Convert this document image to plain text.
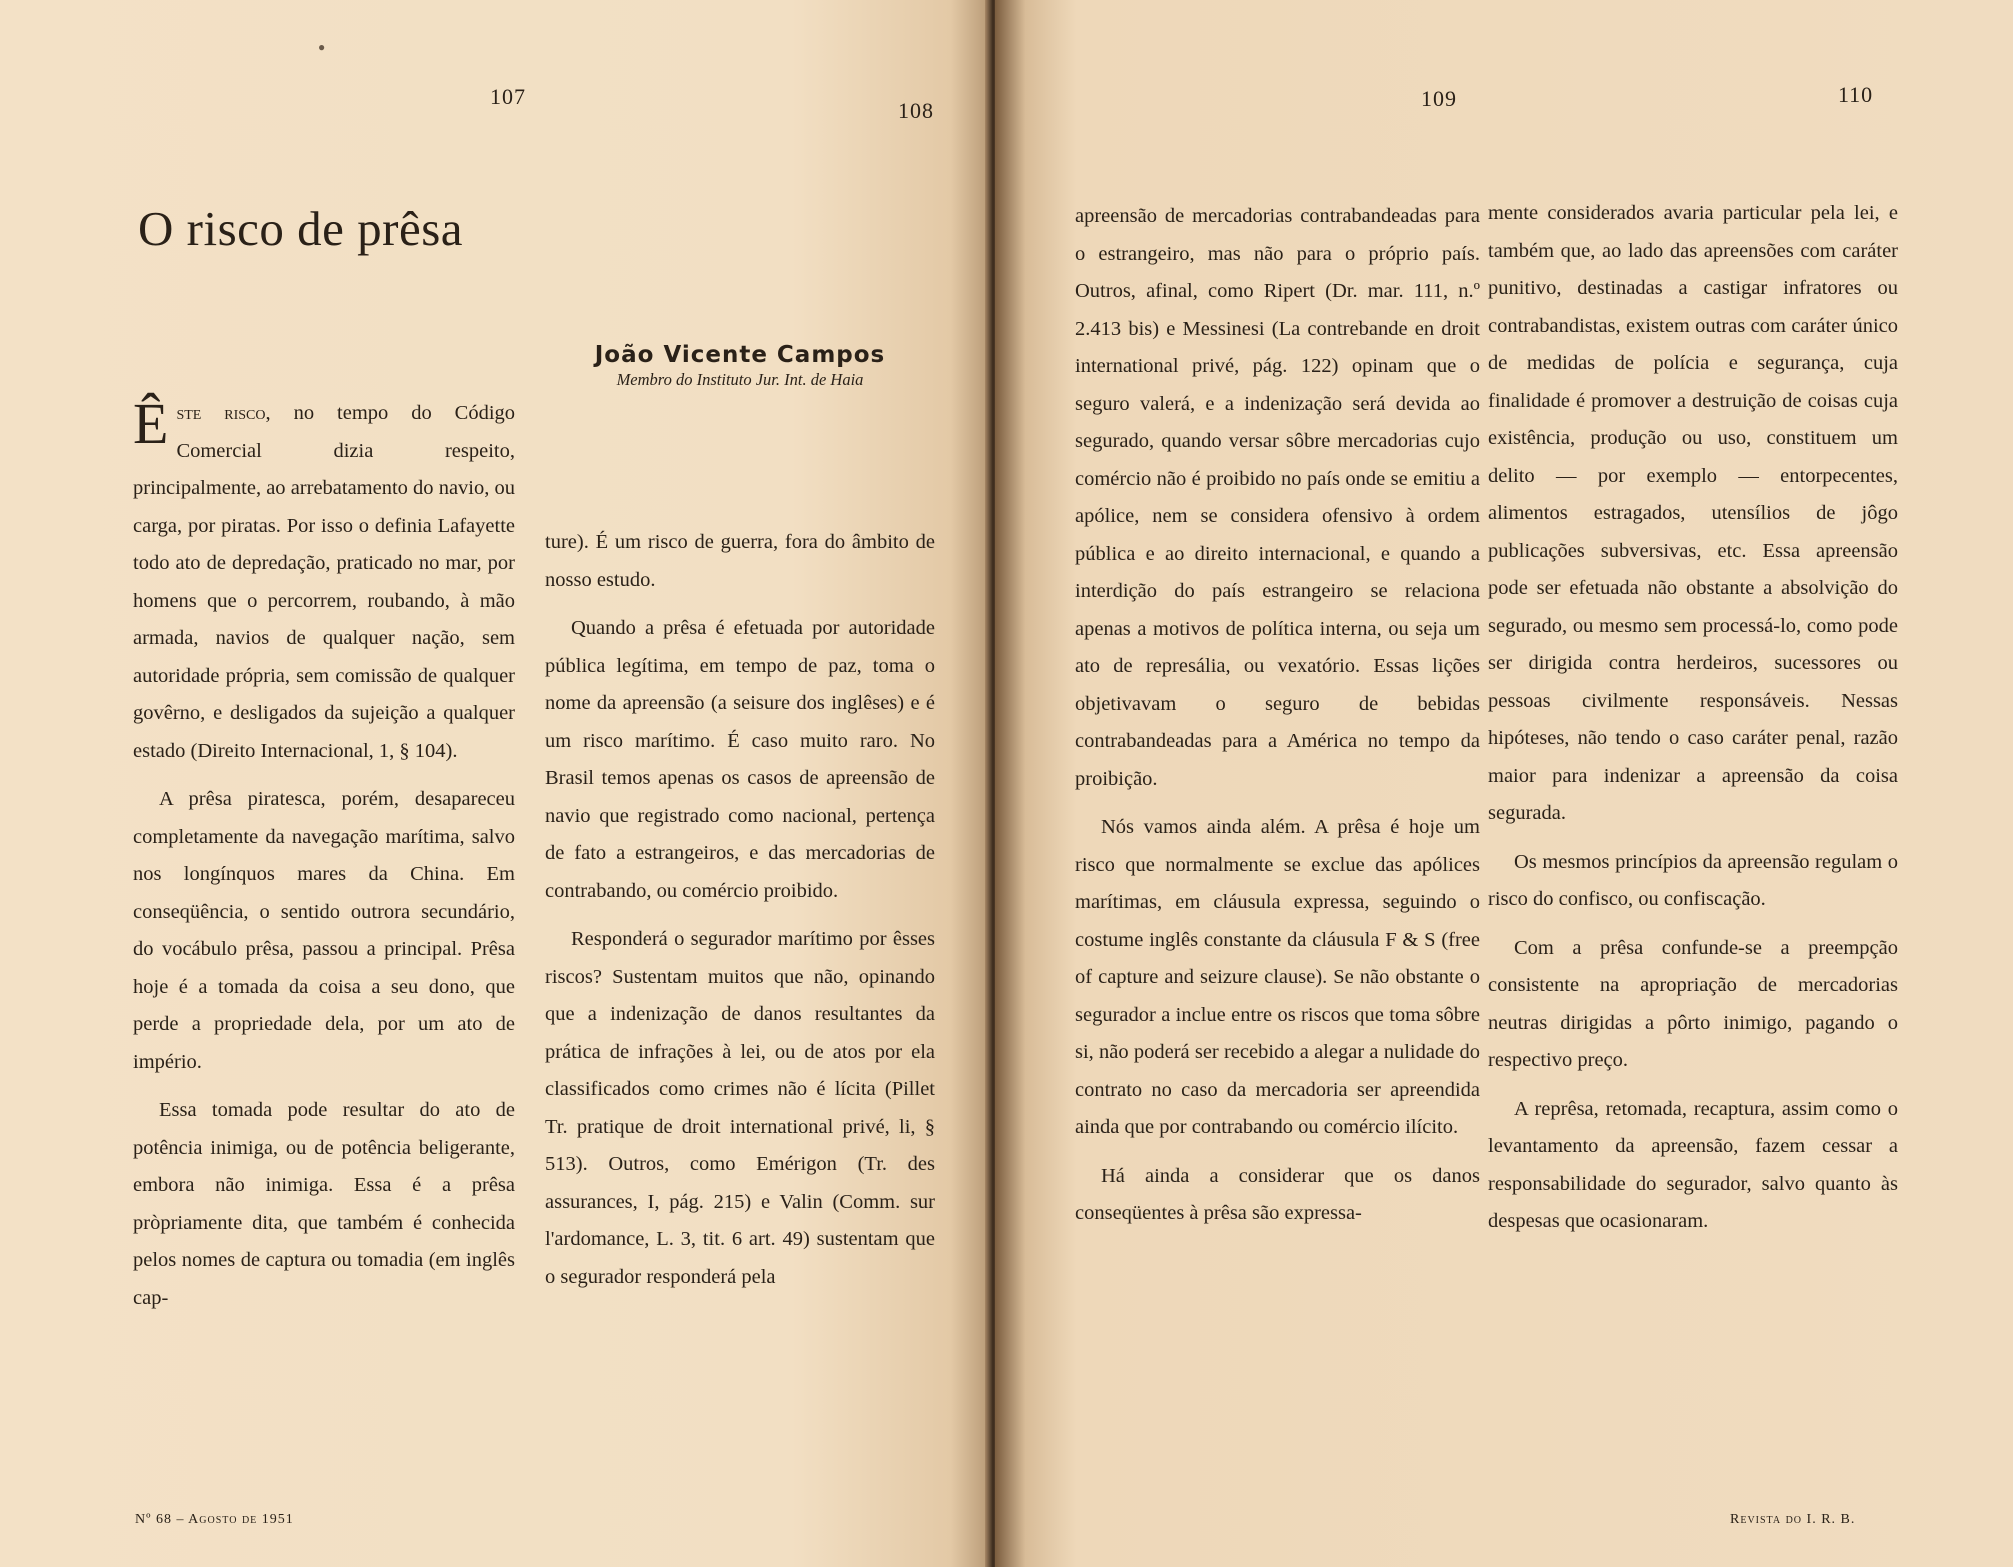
●
107
108
O risco de prêsa
João Vicente Campos
Membro do Instituto Jur. Int. de Haia

Êste risco, no tempo do Código Comercial dizia respeito, principalmente, ao arrebatamento do navio, ou carga, por piratas. Por isso o definia Lafayette todo ato de depredação, praticado no mar, por homens que o percorrem, roubando, à mão armada, navios de qualquer nação, sem autoridade própria, sem comissão de qualquer govêrno, e desligados da sujeição a qualquer estado (Direito Internacional, 1, § 104).

A prêsa piratesca, porém, desapareceu completamente da navegação marítima, salvo nos longínquos mares da China. Em conseqüência, o sentido outrora secundário, do vocábulo prêsa, passou a principal. Prêsa hoje é a tomada da coisa a seu dono, que perde a propriedade dela, por um ato de império.

Essa tomada pode resultar do ato de potência inimiga, ou de potência beligerante, embora não inimiga. Essa é a prêsa pròpriamente dita, que também é conhecida pelos nomes de captura ou tomadia (em inglês cap-

ture). É um risco de guerra, fora do âmbito de nosso estudo.

Quando a prêsa é efetuada por autoridade pública legítima, em tempo de paz, toma o nome da apreensão (a seisure dos inglêses) e é um risco marítimo. É caso muito raro. No Brasil temos apenas os casos de apreensão de navio que registrado como nacional, pertença de fato a estrangeiros, e das mercadorias de contrabando, ou comércio proibido.

Responderá o segurador marítimo por êsses riscos? Sustentam muitos que não, opinando que a indenização de danos resultantes da prática de infrações à lei, ou de atos por ela classificados como crimes não é lícita (Pillet Tr. pratique de droit international privé, li, § 513). Outros, como Emérigon (Tr. des assurances, I, pág. 215) e Valin (Comm. sur l'ardomance, L. 3, tit. 6 art. 49) sustentam que o segurador responderá pela

Nº 68 – Agosto de 1951
109	110

apreensão de mercadorias contrabandeadas para o estrangeiro, mas não para o próprio país. Outros, afinal, como Ripert (Dr. mar. 111, n.º 2.413 bis) e Messinesi (La contrebande en droit international privé, pág. 122) opinam que o seguro valerá, e a indenização será devida ao segurado, quando versar sôbre mercadorias cujo comércio não é proibido no país onde se emitiu a apólice, nem se considera ofensivo à ordem pública e ao direito internacional, e quando a interdição do país estrangeiro se relaciona apenas a motivos de política interna, ou seja um ato de represália, ou vexatório. Essas lições objetivavam o seguro de bebidas contrabandeadas para a América no tempo da proibição.

Nós vamos ainda além. A prêsa é hoje um risco que normalmente se exclue das apólices marítimas, em cláusula expressa, seguindo o costume inglês constante da cláusula F & S (free of capture and seizure clause). Se não obstante o segurador a inclue entre os riscos que toma sôbre si, não poderá ser recebido a alegar a nulidade do contrato no caso da mercadoria ser apreendida ainda que por contrabando ou comércio ilícito.

Há ainda a considerar que os danos conseqüentes à prêsa são expressa-

mente considerados avaria particular pela lei, e também que, ao lado das apreensões com caráter punitivo, destinadas a castigar infratores ou contrabandistas, existem outras com caráter único de medidas de polícia e segurança, cuja finalidade é promover a destruição de coisas cuja existência, produção ou uso, constituem um delito — por exemplo — entorpecentes, alimentos estragados, utensílios de jôgo publicações subversivas, etc. Essa apreensão pode ser efetuada não obstante a absolvição do segurado, ou mesmo sem processá-lo, como pode ser dirigida contra herdeiros, sucessores ou pessoas civilmente responsáveis. Nessas hipóteses, não tendo o caso caráter penal, razão maior para indenizar a apreensão da coisa segurada.

Os mesmos princípios da apreensão regulam o risco do confisco, ou confiscação.

Com a prêsa confunde-se a preempção consistente na apropriação de mercadorias neutras dirigidas a pôrto inimigo, pagando o respectivo preço.

A reprêsa, retomada, recaptura, assim como o levantamento da apreensão, fazem cessar a responsabilidade do segurador, salvo quanto às despesas que ocasionaram.

Revista do I. R. B.
